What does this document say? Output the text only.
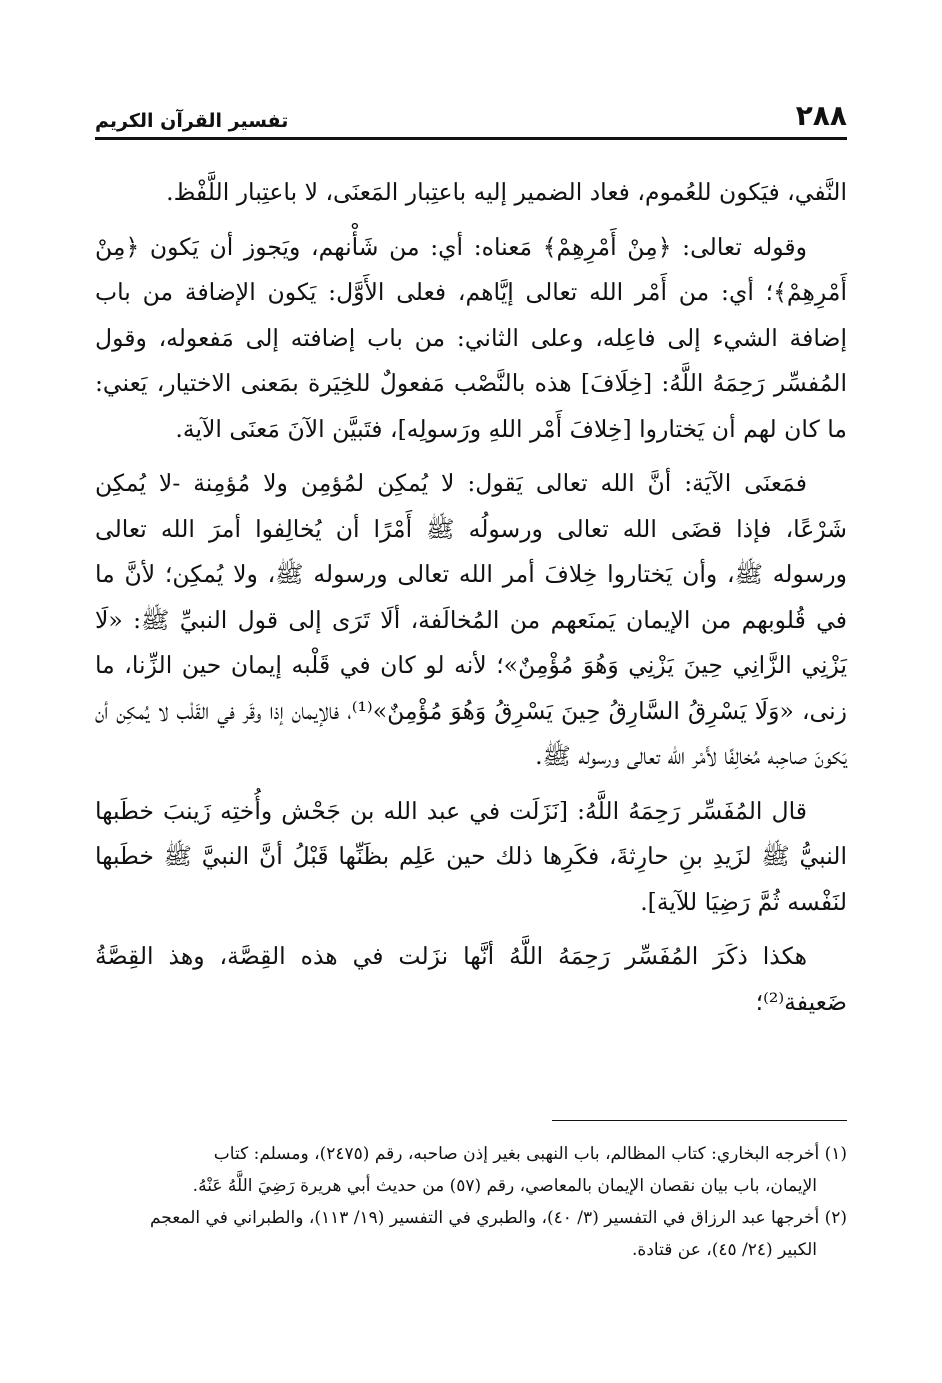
٢٨٨
تفسير القرآن الكريم

النَّفي، فيَكون للعُموم، فعاد الضمير إليه باعتِبار المَعنَى، لا باعتِبار اللَّفْظ.

وقوله تعالى: ﴿مِنْ أَمْرِهِمْ﴾ مَعناه: أي: من شَأْنهم، ويَجوز أن يَكون ﴿مِنْ أَمْرِهِمْ﴾؛ أي: من أَمْر الله تعالى إيَّاهم، فعلى الأَوَّل: يَكون الإضافة من باب إضافة الشيء إلى فاعِله، وعلى الثاني: من باب إضافته إلى مَفعوله، وقول المُفسِّر رَحِمَهُ اللَّهُ: [خِلَافَ] هذه بالنَّصْب مَفعولٌ للخِيَرة بمَعنى الاختيار، يَعني: ما كان لهم أن يَختاروا [خِلافَ أَمْر اللهِ ورَسولِه]، فتَبيَّن الآنَ مَعنَى الآية.

فمَعنَى الآيَة: أنَّ الله تعالى يَقول: لا يُمكِن لمُؤمِن ولا مُؤمِنة -لا يُمكِن شَرْعًا، فإذا قضَى الله تعالى ورسولُه ﷺ أَمْرًا أن يُخالِفوا أمرَ الله تعالى ورسوله ﷺ، وأن يَختاروا خِلافَ أمر الله تعالى ورسوله ﷺ، ولا يُمكِن؛ لأنَّ ما في قُلوبهم من الإيمان يَمنَعهم من المُخالَفة، ألَا تَرَى إلى قول النبيِّ ﷺ: «لَا يَزْنِي الزَّانِي حِينَ يَزْنِي وَهُوَ مُؤْمِنٌ»؛ لأنه لو كان في قَلْبه إيمان حين الزِّنا، ما زنى، «وَلَا يَسْرِقُ السَّارِقُ حِينَ يَسْرِقُ وَهُوَ مُؤْمِنٌ»⁽¹⁾، فالإيمان إذا وقَر في القَلْب لا يُمكِن أن يَكونَ صاحِبه مُخالِفًا لأَمْر الله تعالى ورسوله ﷺ.

قال المُفَسِّر رَحِمَهُ اللَّهُ: [نَزَلَت في عبد الله بن جَحْش وأُختِه زَينبَ خطَبها النبيُّ ﷺ لزَيدِ بنِ حارِثةَ، فكَرِها ذلك حين عَلِم بظَنِّها قَبْلُ أنَّ النبيَّ ﷺ خطَبها لنَفْسه ثُمَّ رَضِيَا للآية].

هكذا ذكَرَ المُفَسِّر رَحِمَهُ اللَّهُ أنَّها نزَلت في هذه القِصَّة، وهذ القِصَّةُ ضَعيفة⁽²⁾؛

(١) أخرجه البخاري: كتاب المظالم، باب النهبى بغير إذن صاحبه، رقم (٢٤٧٥)، ومسلم: كتاب

الإيمان، باب بيان نقصان الإيمان بالمعاصي، رقم (٥٧) من حديث أبي هريرة رَضِيَ اللَّهُ عَنْهُ.

(٢) أخرجها عبد الرزاق في التفسير (٣/ ٤٠)، والطبري في التفسير (١٩/ ١١٣)، والطبراني في المعجم

الكبير (٢٤/ ٤٥)، عن قتادة.
